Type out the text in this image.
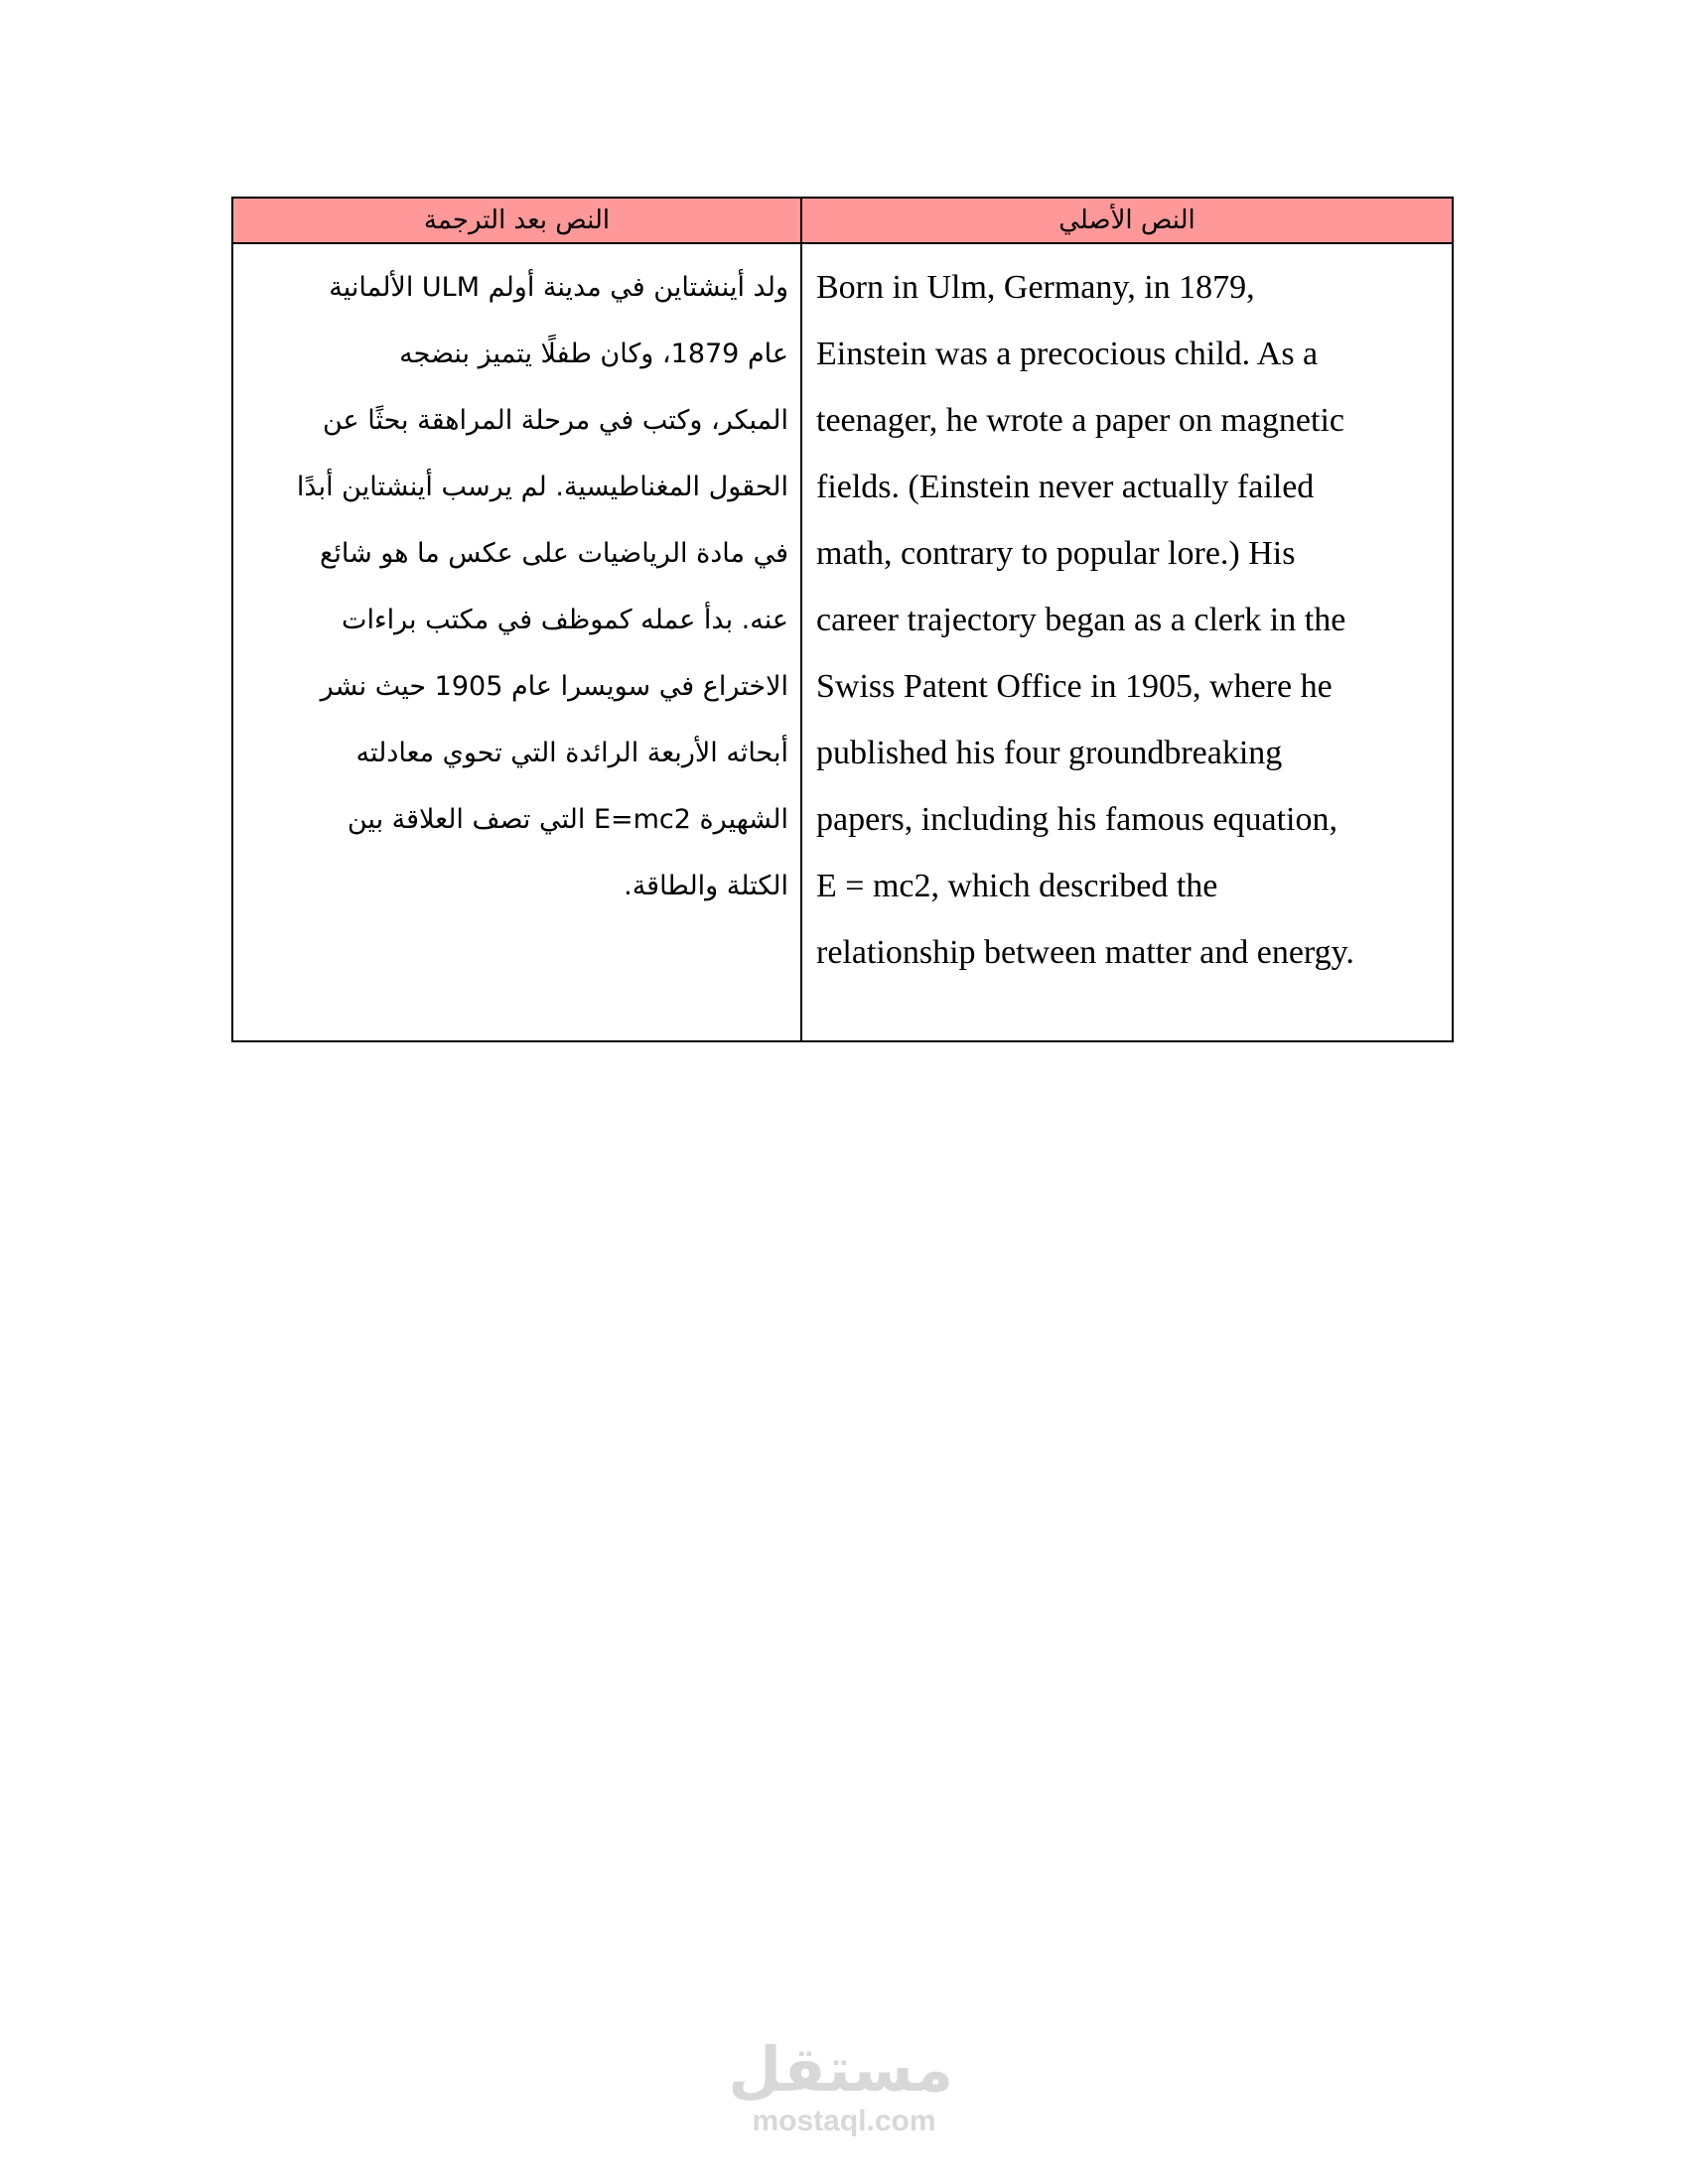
النص بعد الترجمة	النص الأصلي

ولد أينشتاين في مدينة أولم ULM الألمانية
عام 1879، وكان طفلًا يتميز بنضجه
المبكر، وكتب في مرحلة المراهقة بحثًا عن
الحقول المغناطيسية. لم يرسب أينشتاين أبدًا
في مادة الرياضيات على عكس ما هو شائع
عنه. بدأ عمله كموظف في مكتب براءات
الاختراع في سويسرا عام 1905 حيث نشر
أبحاثه الأربعة الرائدة التي تحوي معادلته
الشهيرة E=mc2 التي تصف العلاقة بين
الكتلة والطاقة.

Born in Ulm, Germany, in 1879,
Einstein was a precocious child. As a
teenager, he wrote a paper on magnetic
fields. (Einstein never actually failed
math, contrary to popular lore.) His
career trajectory began as a clerk in the
Swiss Patent Office in 1905, where he
published his four groundbreaking
papers, including his famous equation,
E = mc2, which described the
relationship between matter and energy.

مستقل
mostaql.com
